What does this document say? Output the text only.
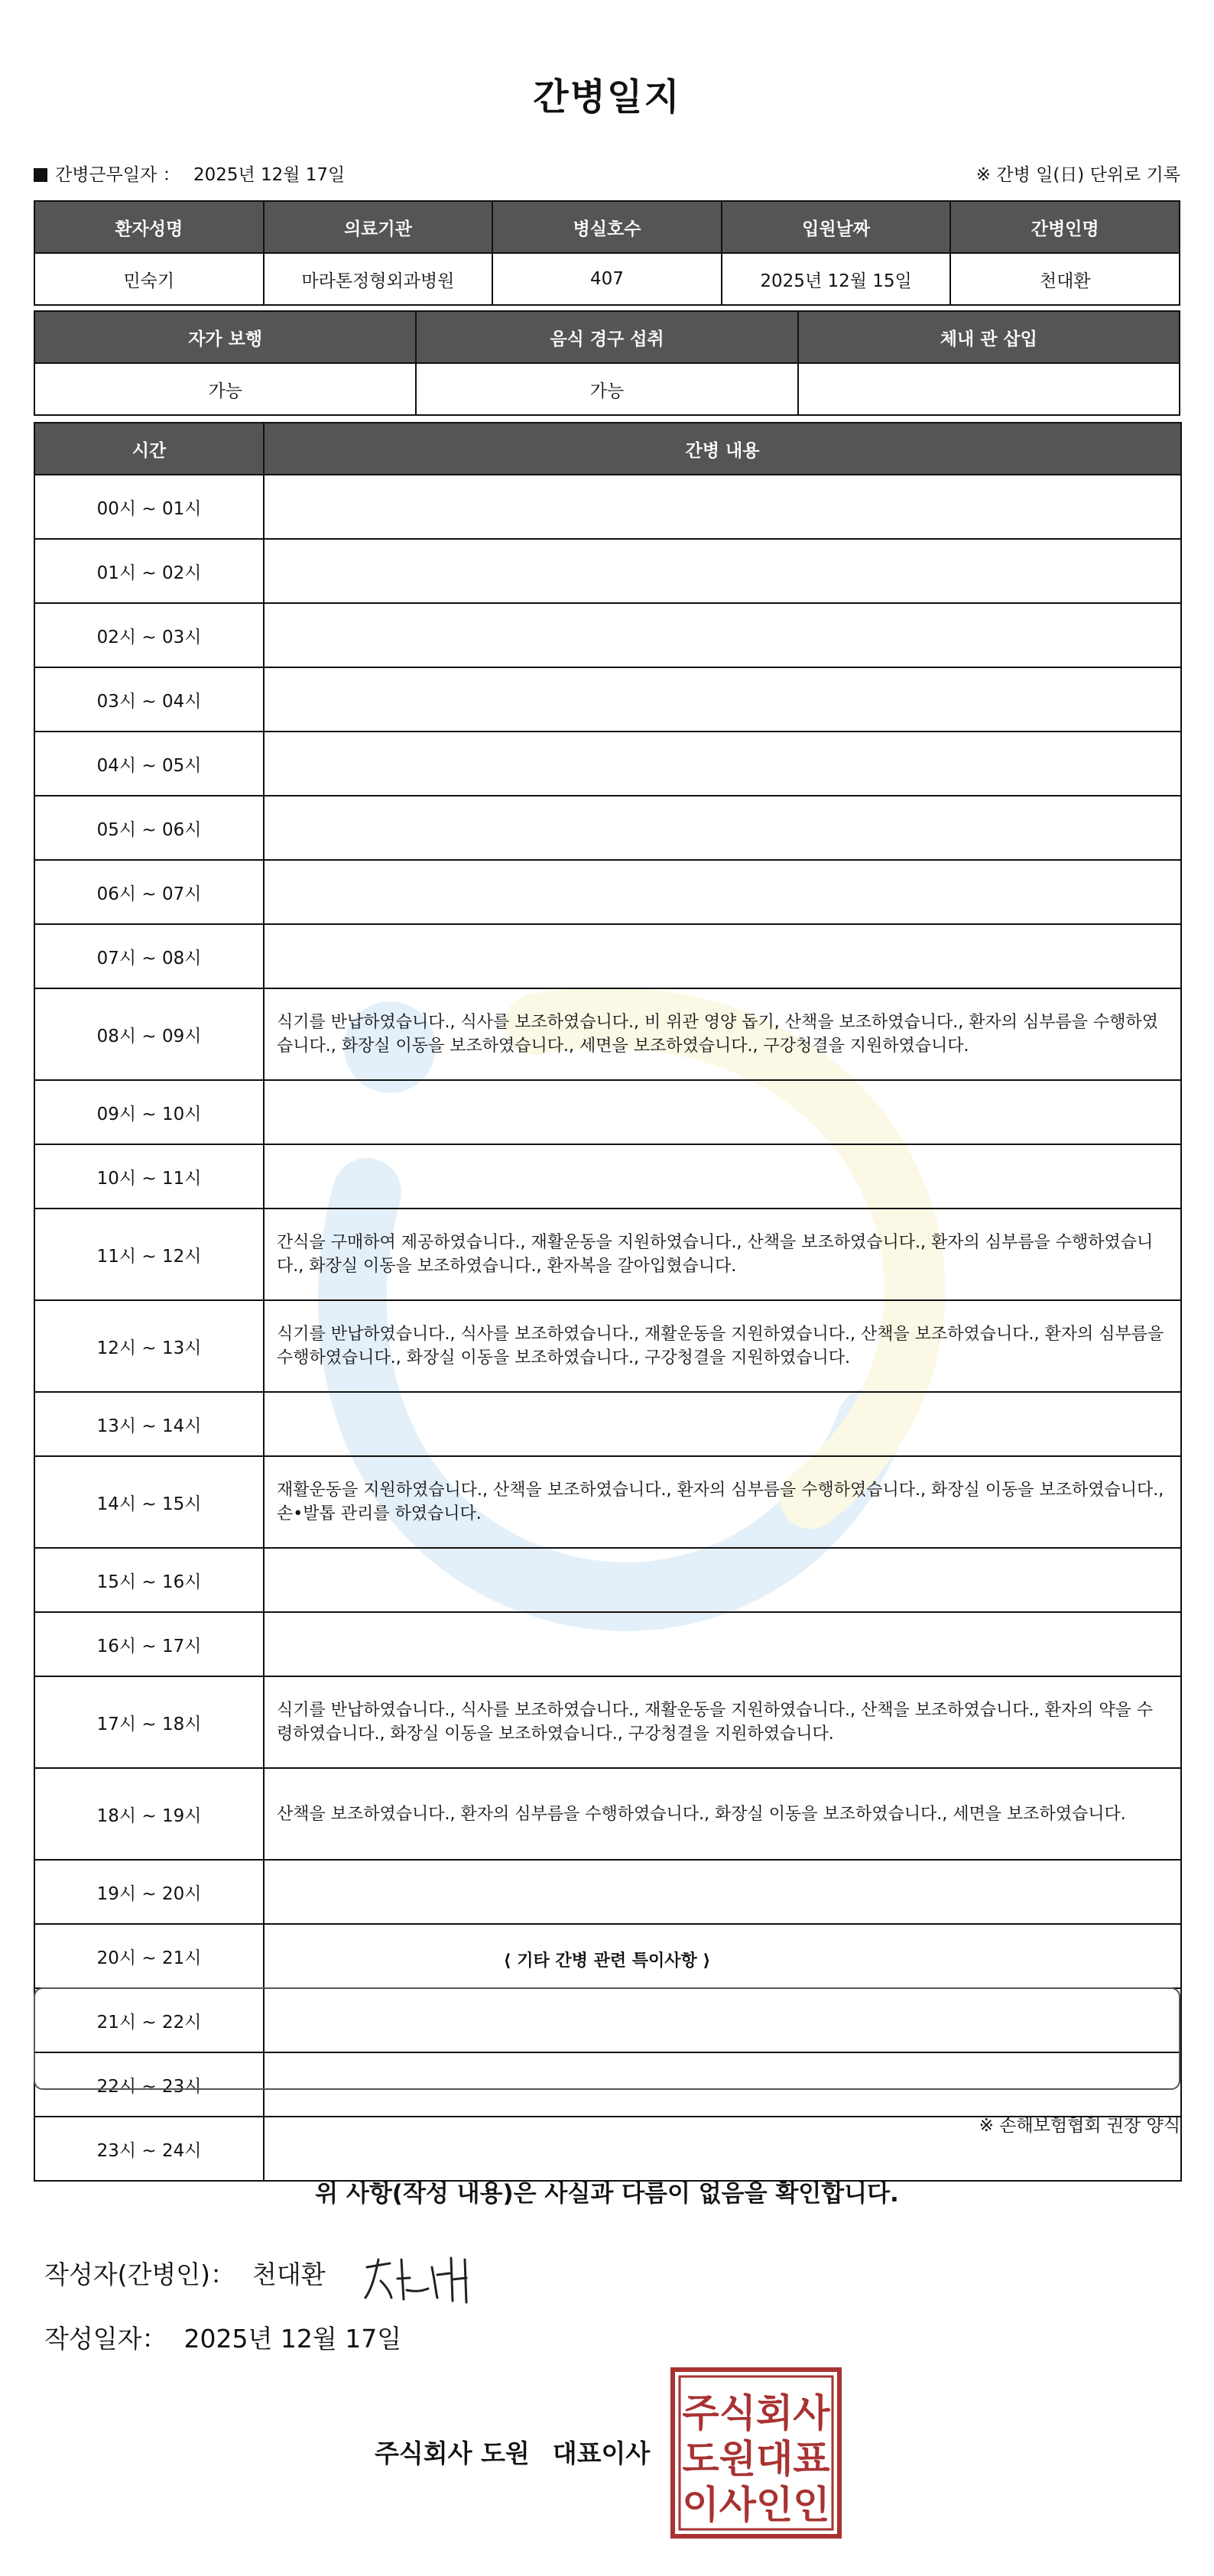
간병일지
간병근무일자 ： 2025년 12월 17일	※ 간병 일(日) 단위로 기록
환자성명	의료기관	병실호수	입원날짜	간병인명
민숙기	마라톤정형외과병원	407	2025년 12월 15일	천대환
자가 보행	음식 경구 섭취	체내 관 삽입
가능	가능	
시간	간병 내용
00시 ~ 01시	
01시 ~ 02시	
02시 ~ 03시	
03시 ~ 04시	
04시 ~ 05시	
05시 ~ 06시	
06시 ~ 07시	
07시 ~ 08시	
08시 ~ 09시	식기를 반납하였습니다., 식사를 보조하였습니다., 비 위관 영양 돕기, 산책을 보조하였습니다., 환자의 심부름을 수행하였습니다., 화장실 이동을 보조하였습니다., 세면을 보조하였습니다., 구강청결을 지원하였습니다.
09시 ~ 10시	
10시 ~ 11시	
11시 ~ 12시	간식을 구매하여 제공하였습니다., 재활운동을 지원하였습니다., 산책을 보조하였습니다., 환자의 심부름을 수행하였습니다., 화장실 이동을 보조하였습니다., 환자복을 갈아입혔습니다.
12시 ~ 13시	식기를 반납하였습니다., 식사를 보조하였습니다., 재활운동을 지원하였습니다., 산책을 보조하였습니다., 환자의 심부름을 수행하였습니다., 화장실 이동을 보조하였습니다., 구강청결을 지원하였습니다.
13시 ~ 14시	
14시 ~ 15시	재활운동을 지원하였습니다., 산책을 보조하였습니다., 환자의 심부름을 수행하였습니다., 화장실 이동을 보조하였습니다., 손•발톱 관리를 하였습니다.
15시 ~ 16시	
16시 ~ 17시	
17시 ~ 18시	식기를 반납하였습니다., 식사를 보조하였습니다., 재활운동을 지원하였습니다., 산책을 보조하였습니다., 환자의 약을 수령하였습니다., 화장실 이동을 보조하였습니다., 구강청결을 지원하였습니다.
18시 ~ 19시	산책을 보조하였습니다., 환자의 심부름을 수행하였습니다., 화장실 이동을 보조하였습니다., 세면을 보조하였습니다.
19시 ~ 20시	
20시 ~ 21시	
21시 ~ 22시	
22시 ~ 23시	
23시 ~ 24시	
⟨ 기타 간병 관련 특이사항 ⟩
※ 손해보험협회 권장 양식
위 사항(작성 내용)은 사실과 다름이 없음을 확인합니다.
작성자(간병인)： 천대환
작성일자： 2025년 12월 17일
주식회사 도원 대표이사
주식회사
도원대표
이사인인
